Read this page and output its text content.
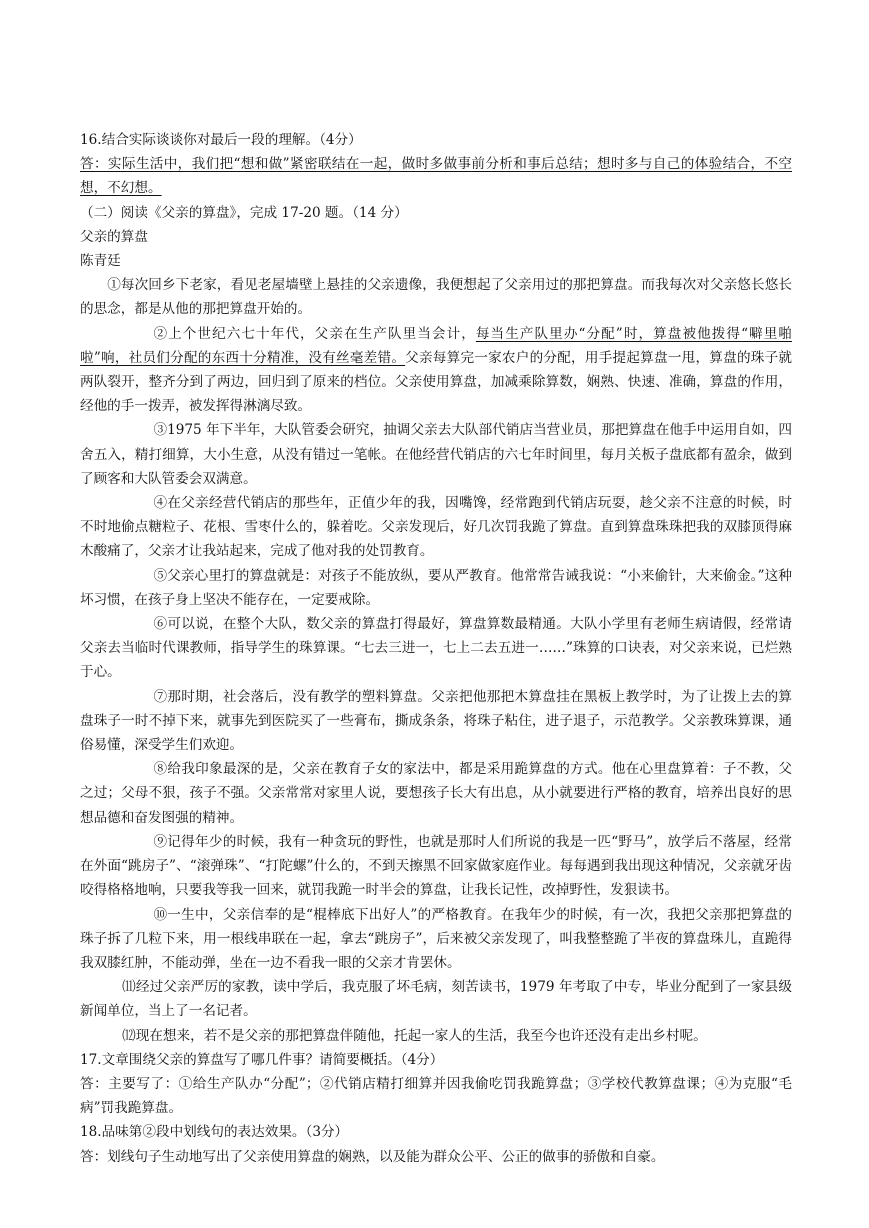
16.结合实际谈谈你对最后一段的理解。（4分）

答：实际生活中，我们把“想和做”紧密联结在一起，做时多做事前分析和事后总结；想时多与自己的体验结合，不空想，不幻想。

（二）阅读《父亲的算盘》，完成 17-20 题。（14 分）

父亲的算盘

陈青廷

①每次回乡下老家，看见老屋墙壁上悬挂的父亲遗像，我便想起了父亲用过的那把算盘。而我每次对父亲悠长悠长的思念，都是从他的那把算盘开始的。

②上个世纪六七十年代，父亲在生产队里当会计，每当生产队里办“分配”时，算盘被他拨得“噼里啪啦”响，社员们分配的东西十分精准，没有丝毫差错。父亲每算完一家农户的分配，用手提起算盘一甩，算盘的珠子就两队裂开，整齐分到了两边，回归到了原来的档位。父亲使用算盘，加减乘除算数，娴熟、快速、准确，算盘的作用，经他的手一拨弄，被发挥得淋漓尽致。

③1975 年下半年，大队管委会研究，抽调父亲去大队部代销店当营业员，那把算盘在他手中运用自如，四舍五入，精打细算，大小生意，从没有错过一笔帐。在他经营代销店的六七年时间里，每月关板子盘底都有盈余，做到了顾客和大队管委会双满意。

④在父亲经营代销店的那些年，正值少年的我，因嘴馋，经常跑到代销店玩耍，趁父亲不注意的时候，时不时地偷点糖粒子、花根、雪枣什么的，躲着吃。父亲发现后，好几次罚我跪了算盘。直到算盘珠珠把我的双膝顶得麻木酸痛了，父亲才让我站起来，完成了他对我的处罚教育。

⑤父亲心里打的算盘就是：对孩子不能放纵，要从严教育。他常常告诫我说：“小来偷针，大来偷金。”这种坏习惯，在孩子身上坚决不能存在，一定要戒除。

⑥可以说，在整个大队，数父亲的算盘打得最好，算盘算数最精通。大队小学里有老师生病请假，经常请父亲去当临时代课教师，指导学生的珠算课。“七去三进一，七上二去五进一……”珠算的口诀表，对父亲来说，已烂熟于心。

⑦那时期，社会落后，没有教学的塑料算盘。父亲把他那把木算盘挂在黑板上教学时，为了让拨上去的算盘珠子一时不掉下来，就事先到医院买了一些膏布，撕成条条，将珠子粘住，进子退子，示范教学。父亲教珠算课，通俗易懂，深受学生们欢迎。

⑧给我印象最深的是，父亲在教育子女的家法中，都是采用跪算盘的方式。他在心里盘算着：子不教，父之过；父母不狠，孩子不强。父亲常常对家里人说，要想孩子长大有出息，从小就要进行严格的教育，培养出良好的思想品德和奋发图强的精神。

⑨记得年少的时候，我有一种贪玩的野性，也就是那时人们所说的我是一匹“野马”，放学后不落屋，经常在外面“跳房子”、“滚弹珠”、“打陀螺”什么的，不到天擦黑不回家做家庭作业。每每遇到我出现这种情况，父亲就牙齿咬得格格地响，只要我等我一回来，就罚我跪一时半会的算盘，让我长记性，改掉野性，发狠读书。

⑩一生中，父亲信奉的是“棍棒底下出好人”的严格教育。在我年少的时候，有一次，我把父亲那把算盘的珠子拆了几粒下来，用一根线串联在一起，拿去“跳房子”，后来被父亲发现了，叫我整整跪了半夜的算盘珠儿，直跪得我双膝红肿，不能动弹，坐在一边不看我一眼的父亲才肯罢休。

⑾经过父亲严厉的家教，读中学后，我克服了坏毛病，刻苦读书，1979 年考取了中专，毕业分配到了一家县级新闻单位，当上了一名记者。

⑿现在想来，若不是父亲的那把算盘伴随他，托起一家人的生活，我至今也许还没有走出乡村呢。

17.文章围绕父亲的算盘写了哪几件事？请简要概括。（4分）

答：主要写了：①给生产队办“分配”；②代销店精打细算并因我偷吃罚我跪算盘；③学校代教算盘课；④为克服“毛病”罚我跪算盘。

18.品味第②段中划线句的表达效果。（3分）

答：划线句子生动地写出了父亲使用算盘的娴熟，以及能为群众公平、公正的做事的骄傲和自豪。
